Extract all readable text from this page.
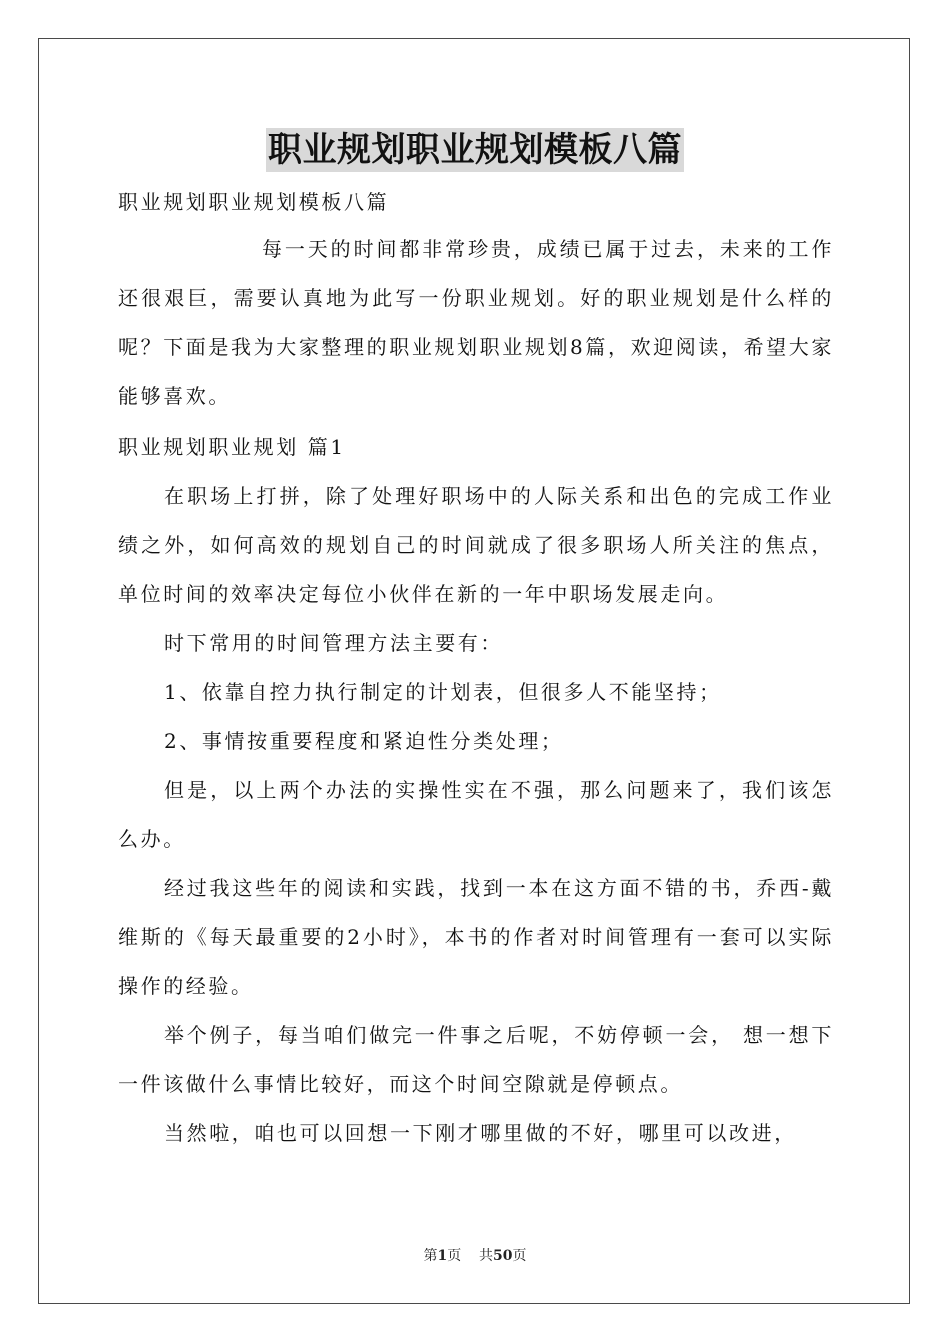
职业规划职业规划模板八篇

职业规划职业规划模板八篇

每一天的时间都非常珍贵，成绩已属于过去，未来的工作还很艰巨，需要认真地为此写一份职业规划。好的职业规划是什么样的呢？下面是我为大家整理的职业规划职业规划8篇，欢迎阅读，希望大家能够喜欢。

职业规划职业规划 篇1

在职场上打拼，除了处理好职场中的人际关系和出色的完成工作业绩之外，如何高效的规划自己的时间就成了很多职场人所关注的焦点，单位时间的效率决定每位小伙伴在新的一年中职场发展走向。

时下常用的时间管理方法主要有：

1、依靠自控力执行制定的计划表，但很多人不能坚持；

2、事情按重要程度和紧迫性分类处理；

但是，以上两个办法的实操性实在不强，那么问题来了，我们该怎么办。

经过我这些年的阅读和实践，找到一本在这方面不错的书，乔西-戴维斯的《每天最重要的2小时》，本书的作者对时间管理有一套可以实际操作的经验。

举个例子，每当咱们做完一件事之后呢，不妨停顿一会， 想一想下一件该做什么事情比较好，而这个时间空隙就是停顿点。

当然啦，咱也可以回想一下刚才哪里做的不好，哪里可以改进，

第1页 共50页
